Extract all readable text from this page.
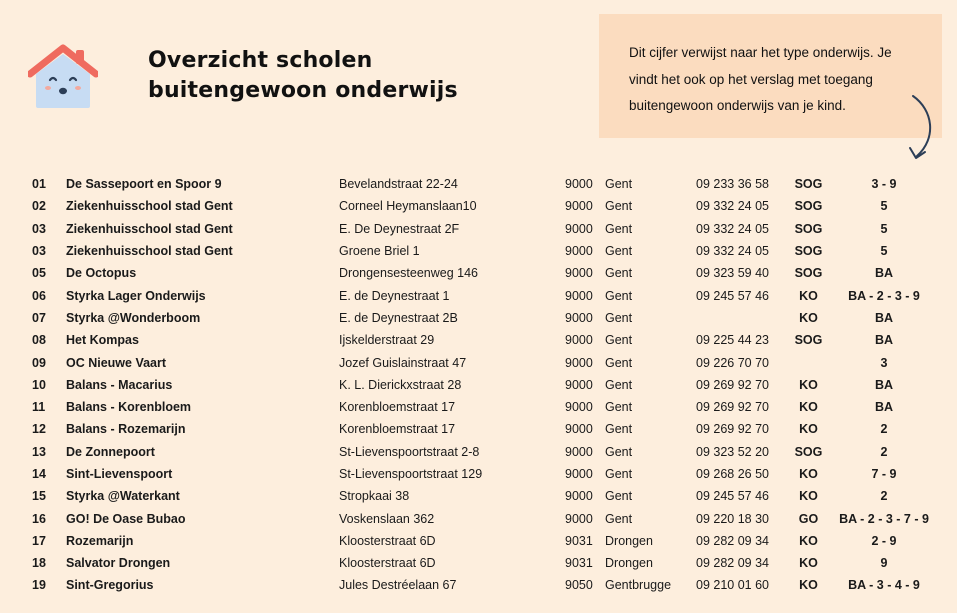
Overzicht scholen
buitengewoon onderwijs
Dit cijfer verwijst naar het type onderwijs. Je vindt het ook op het verslag met toegang buitengewoon onderwijs van je kind.
01	De Sassepoort en Spoor 9	Bevelandstraat 22-24	9000	Gent	09 233 36 58	SOG	3 - 9
02	Ziekenhuisschool stad Gent	Corneel Heymanslaan10	9000	Gent	09 332 24 05	SOG	5
03	Ziekenhuisschool stad Gent	E. De Deynestraat 2F	9000	Gent	09 332 24 05	SOG	5
03	Ziekenhuisschool stad Gent	Groene Briel 1	9000	Gent	09 332 24 05	SOG	5
05	De Octopus	Drongensesteenweg 146	9000	Gent	09 323 59 40	SOG	BA
06	Styrka Lager Onderwijs	E. de Deynestraat 1	9000	Gent	09 245 57 46	KO	BA - 2 - 3 - 9
07	Styrka @Wonderboom	E. de Deynestraat 2B	9000	Gent		KO	BA
08	Het Kompas	Ijskelderstraat 29	9000	Gent	09 225 44 23	SOG	BA
09	OC Nieuwe Vaart	Jozef Guislainstraat 47	9000	Gent	09 226 70 70		3
10	Balans - Macarius	K. L. Dierickxstraat 28	9000	Gent	09 269 92 70	KO	BA
11	Balans - Korenbloem	Korenbloemstraat 17	9000	Gent	09 269 92 70	KO	BA
12	Balans - Rozemarijn	Korenbloemstraat 17	9000	Gent	09 269 92 70	KO	2
13	De Zonnepoort	St-Lievenspoortstraat 2-8	9000	Gent	09 323 52 20	SOG	2
14	Sint-Lievenspoort	St-Lievenspoortstraat 129	9000	Gent	09 268 26 50	KO	7 - 9
15	Styrka @Waterkant	Stropkaai 38	9000	Gent	09 245 57 46	KO	2
16	GO! De Oase Bubao	Voskenslaan 362	9000	Gent	09 220 18 30	GO	BA - 2 - 3 - 7 - 9
17	Rozemarijn	Kloosterstraat 6D	9031	Drongen	09 282 09 34	KO	2 - 9
18	Salvator Drongen	Kloosterstraat 6D	9031	Drongen	09 282 09 34	KO	9
19	Sint-Gregorius	Jules Destréelaan 67	9050	Gentbrugge	09 210 01 60	KO	BA - 3 - 4 - 9
